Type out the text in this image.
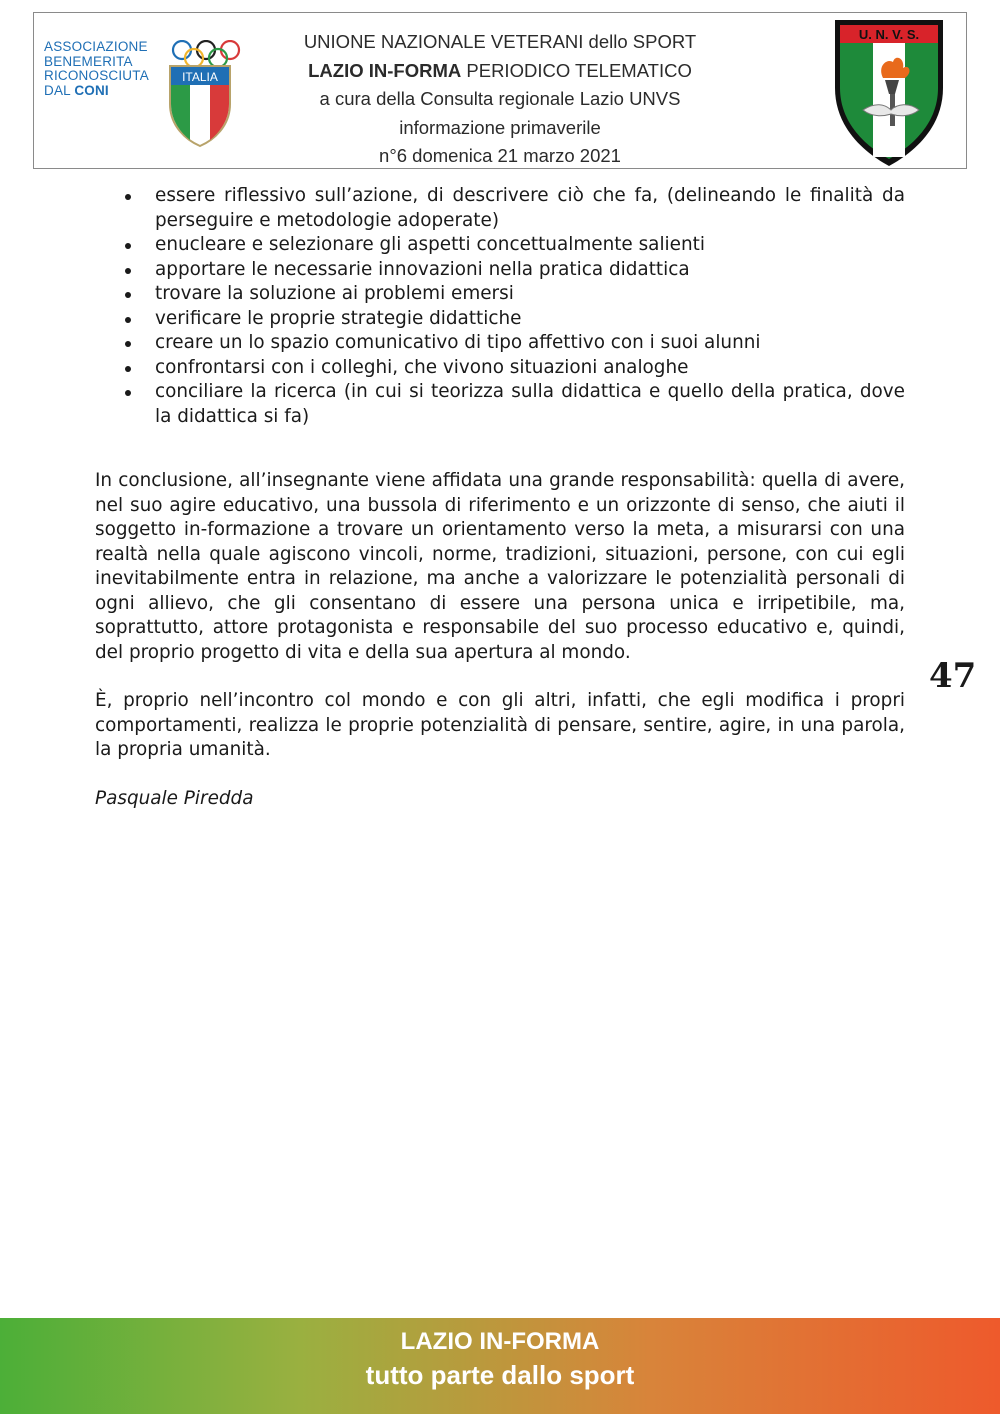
ASSOCIAZIONE
BENEMERITA
RICONOSCIUTA
DAL CONI
ITALIA
UNIONE NAZIONALE VETERANI dello SPORT
LAZIO IN-FORMA PERIODICO TELEMATICO
a cura della Consulta regionale Lazio UNVS
informazione primaverile
n°6 domenica 21 marzo 2021
U. N. V. S.
essere riflessivo sull’azione, di descrivere ciò che fa, (delineando le finalità da perseguire e metodologie adoperate)
enucleare e selezionare gli aspetti concettualmente salienti
apportare le necessarie innovazioni nella pratica didattica
trovare la soluzione ai problemi emersi
verificare le proprie strategie didattiche
creare un lo spazio comunicativo di tipo affettivo con i suoi alunni
confrontarsi con i colleghi, che vivono situazioni analoghe
conciliare la ricerca (in cui si teorizza sulla didattica e quello della pratica, dove la didattica si fa)

In conclusione, all’insegnante viene affidata una grande responsabilità: quella di avere, nel suo agire educativo, una bussola di riferimento e un orizzonte di senso, che aiuti il soggetto in-formazione a trovare un orientamento verso la meta, a misurarsi con una realtà nella quale agiscono vincoli, norme, tradizioni, situazioni, persone, con cui egli inevitabilmente entra in relazione, ma anche a valorizzare le potenzialità personali di ogni allievo, che gli consentano di essere una persona unica e irripetibile, ma, soprattutto, attore protagonista e responsabile del suo processo educativo e, quindi, del proprio progetto di vita e della sua apertura al mondo.

È, proprio nell’incontro col mondo e con gli altri, infatti, che egli modifica i propri comportamenti, realizza le proprie potenzialità di pensare, sentire, agire, in una parola, la propria umanità.

Pasquale Piredda
47
LAZIO IN-FORMA
tutto parte dallo sport
